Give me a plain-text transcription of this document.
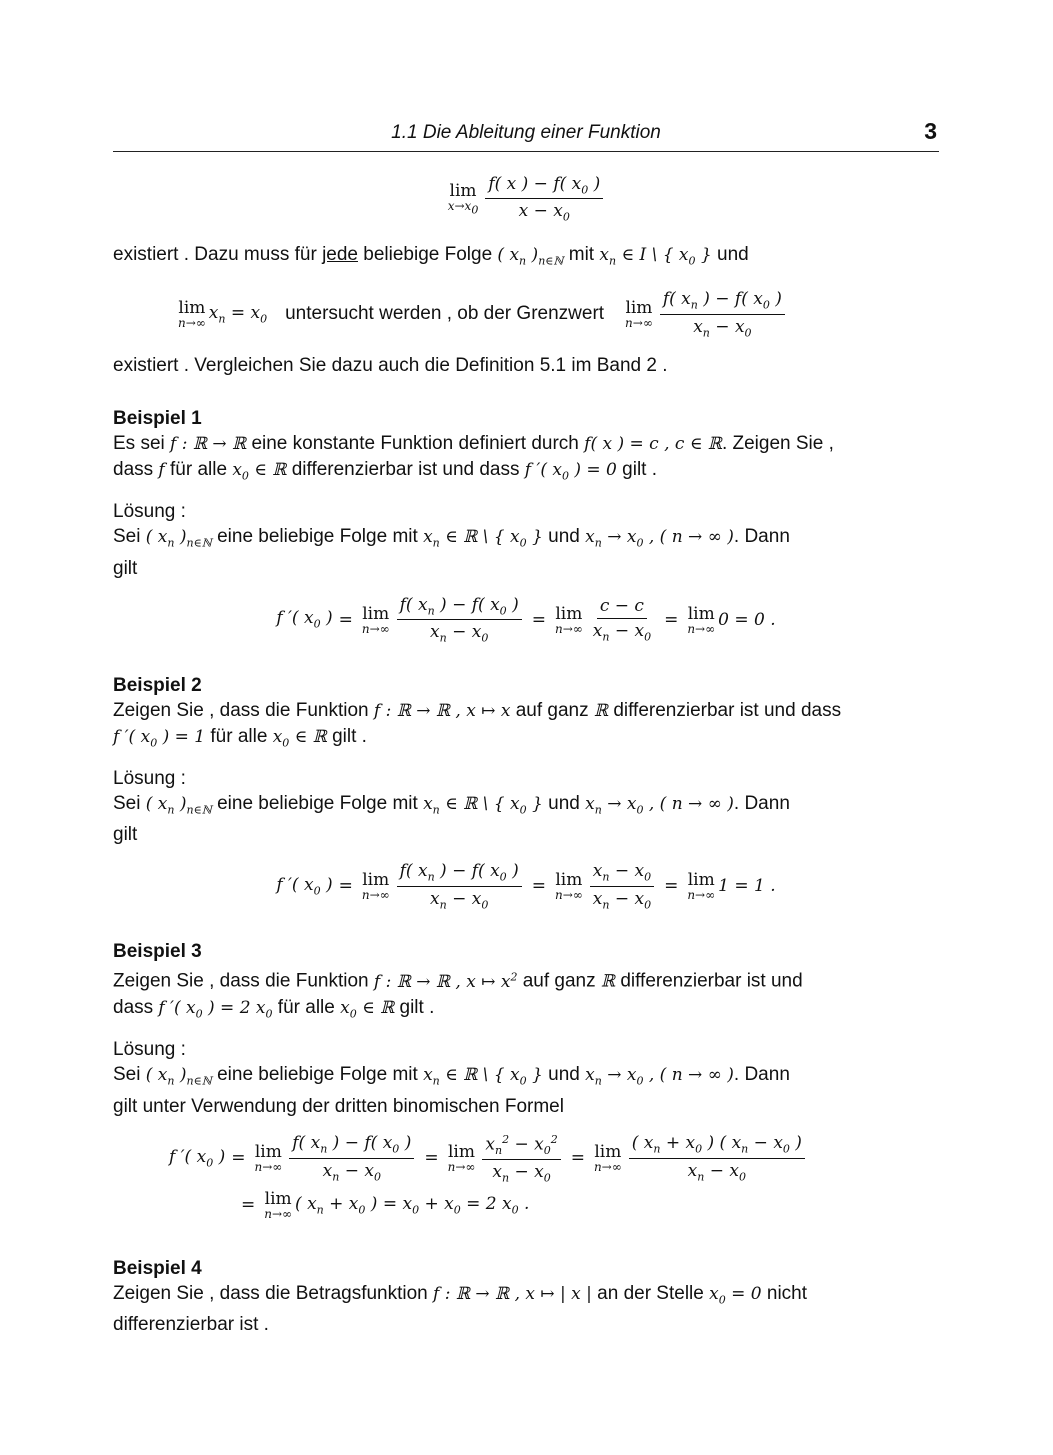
1.1 Die Ableitung einer Funktion	3
lim
$x\to x_0 \frac{f( x ) - f( x_0 )}{x - x_0}$

existiert . Dazu muss für jede beliebige Folge ( $x_n$ )$_{n\in ℕ}$ mit $x_n$ ∈ I \ { $x_0$ } und

lim
n→∞
$x_n = x_0$ untersucht werden , ob der Grenzwert lim
$n\to\infty \frac{f( x_n ) - f( x_0 )}{x_n - x_0}$

existiert . Vergleichen Sie dazu auch die Definition 5.1 im Band 2 .

Beispiel 1

Es sei f : ℝ → ℝ eine konstante Funktion definiert durch f( x ) = c , c ∈ ℝ. Zeigen Sie ,
dass f für alle $x_0$ ∈ ℝ differenzierbar ist und dass f ′( $x_0$ ) = 0 gilt .

Lösung :

Sei ( $x_n$ )$_{n\in ℕ}$ eine beliebige Folge mit $x_n$ ∈ ℝ \ { $x_0$ } und $x_n \to x_0$ , ( n → ∞ ). Dann
gilt

f ′( $x_0$ ) = lim
$n\to\infty \frac{f( x_n ) - f( x_0 )}{x_n - x_0} = \lim$
$n\to\infty \frac{c - c}{x_n - x_0} = \lim$
n→∞ 0 = 0 .

Beispiel 2

Zeigen Sie , dass die Funktion f : ℝ → ℝ , x ↦ x auf ganz ℝ differenzierbar ist und dass
f ′( $x_0$ ) = 1 für alle $x_0$ ∈ ℝ gilt .

Lösung :

Sei ( $x_n$ )$_{n\in ℕ}$ eine beliebige Folge mit $x_n$ ∈ ℝ \ { $x_0$ } und $x_n \to x_0$ , ( n → ∞ ). Dann
gilt

f ′( $x_0$ ) = lim
$n\to\infty \frac{f( x_n ) - f( x_0 )}{x_n - x_0} = \lim$
$n\to\infty \frac{x_n - x_0}{x_n - x_0} = \lim$
n→∞ 1 = 1 .

Beispiel 3

Zeigen Sie , dass die Funktion f : ℝ → ℝ , x ↦ $x^2$ auf ganz ℝ differenzierbar ist und
dass f ′( $x_0$ ) = 2 $x_0$ für alle $x_0$ ∈ ℝ gilt .

Lösung :

Sei ( $x_n$ )$_{n\in ℕ}$ eine beliebige Folge mit $x_n$ ∈ ℝ \ { $x_0$ } und $x_n \to x_0$ , ( n → ∞ ). Dann
gilt unter Verwendung der dritten binomischen Formel

f ′( $x_0$ ) = lim
$n\to\infty \frac{f( x_n ) - f( x_0 )}{x_n - x_0} = \lim$
$n\to\infty \frac{x_n^2 - x_0^2}{x_n - x_0} = \lim$
$n\to\infty \frac{( x_n + x_0 ) ( x_n - x_0 )}{x_n - x_0}$
= lim
n→∞
( $x_n + x_0$ ) = $x_0 + x_0 = 2$ $x_0$ .

Beispiel 4

Zeigen Sie , dass die Betragsfunktion f : ℝ → ℝ , x ↦ | x | an der Stelle $x_0 = 0$ nicht
differenzierbar ist .
